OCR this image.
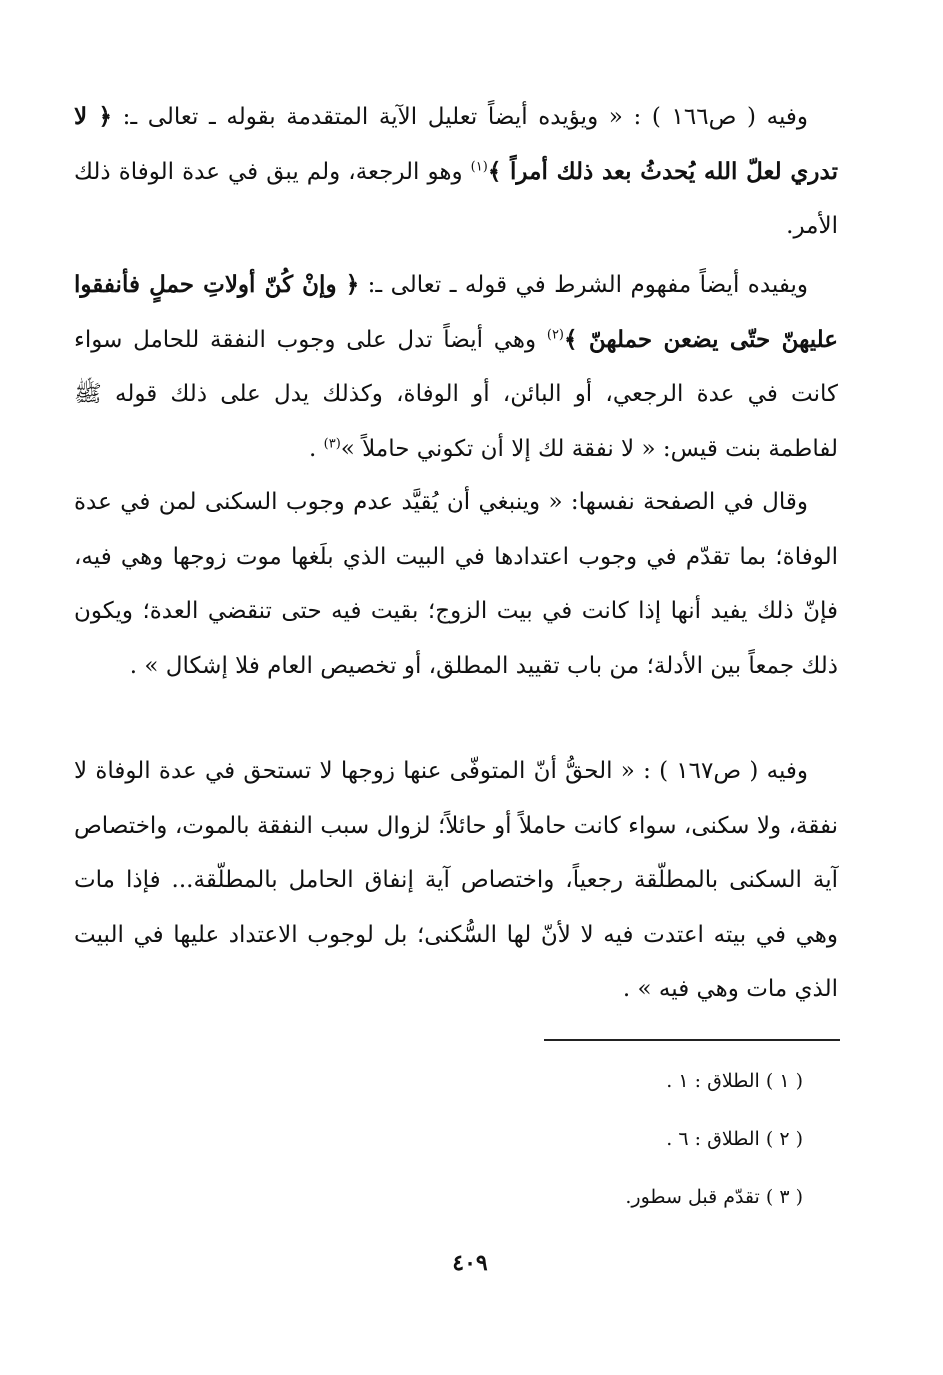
وفيه ( ص١٦٦ ) : « ويؤيده أيضاً تعليل الآية المتقدمة بقوله ـ تعالى ـ: ﴿ لا تدري لعلّ الله يُحدثُ بعد ذلك أمراً ﴾$^{(١)}$ وهو الرجعة، ولم يبق في عدة الوفاة ذلك الأمر.

ويفيده أيضاً مفهوم الشرط في قوله ـ تعالى ـ: ﴿ وإنْ كُنّ أولاتِ حملٍ فأنفقوا عليهنّ حتّى يضعن حملهنّ ﴾$^{(٢)}$ وهي أيضاً تدل على وجوب النفقة للحامل سواء كانت في عدة الرجعي، أو البائن، أو الوفاة، وكذلك يدل على ذلك قوله ﷺ لفاطمة بنت قيس: « لا نفقة لك إلا أن تكوني حاملاً »$^{(٣)}$ .

وقال في الصفحة نفسها: « وينبغي أن يُقيَّد عدم وجوب السكنى لمن في عدة الوفاة؛ بما تقدّم في وجوب اعتدادها في البيت الذي بلَغها موت زوجها وهي فيه، فإنّ ذلك يفيد أنها إذا كانت في بيت الزوج؛ بقيت فيه حتى تنقضي العدة؛ ويكون ذلك جمعاً بين الأدلة؛ من باب تقييد المطلق، أو تخصيص العام فلا إشكال » .

وفيه ( ص١٦٧ ) : « الحقُّ أنّ المتوفّى عنها زوجها لا تستحق في عدة الوفاة لا نفقة، ولا سكنى، سواء كانت حاملاً أو حائلاً؛ لزوال سبب النفقة بالموت، واختصاص آية السكنى بالمطلّقة رجعياً، واختصاص آية إنفاق الحامل بالمطلّقة... فإذا مات وهي في بيته اعتدت فيه لا لأنّ لها السُّكنى؛ بل لوجوب الاعتداد عليها في البيت الذي مات وهي فيه » .

( ١ ) الطلاق : ١ .
( ٢ ) الطلاق : ٦ .
( ٣ ) تقدّم قبل سطور.
٤٠٩
